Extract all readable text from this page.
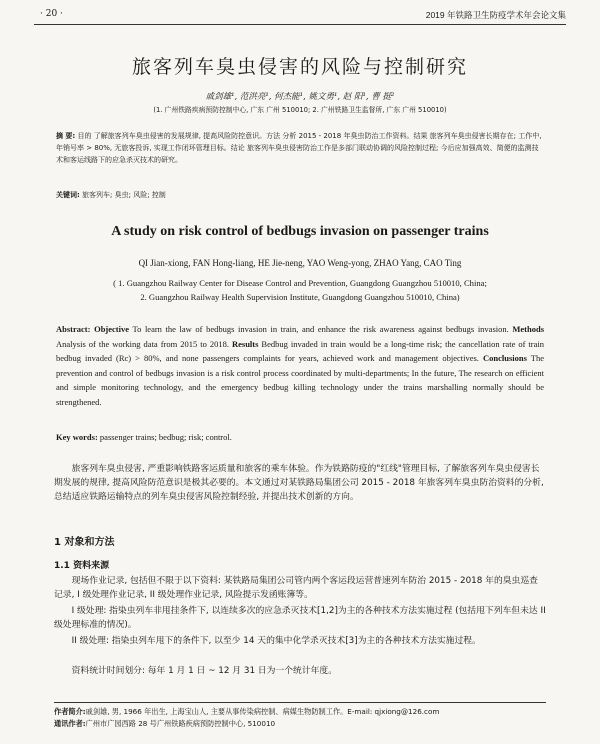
· 20 ·	2019 年铁路卫生防疫学术年会论文集
旅客列车臭虫侵害的风险与控制研究
戚剑雄¹, 范洪亮¹, 何杰能¹, 姚文勇¹, 赵 阳¹, 曹 挺²
(1. 广州铁路疾病预防控制中心, 广东 广州 510010; 2. 广州铁路卫生监督所, 广东 广州 510010)
摘 要: 目的 了解旅客列车臭虫侵害的发展规律, 提高风险防控意识。方法 分析 2015 - 2018 年臭虫防治工作资料。结果 旅客列车臭虫侵害长期存在; 工作中, 年销号率 > 80%, 无旅客投诉, 实现工作闭环管理目标。结论 旅客列车臭虫侵害防治工作是多部门联动协调的风险控制过程; 今后应加强高效、简便的监测技术和客运线路下的应急杀灭技术的研究。
关键词: 旅客列车; 臭虫; 风险; 控制
A study on risk control of bedbugs invasion on passenger trains
QI Jian-xiong, FAN Hong-liang, HE Jie-neng, YAO Weng-yong, ZHAO Yang, CAO Ting
( 1. Guangzhou Railway Center for Disease Control and Prevention, Guangdong Guangzhou 510010, China;
2. Guangzhou Railway Health Supervision Institute, Guangdong Guangzhou 510010, China)
Abstract: Objective To learn the law of bedbugs invasion in train, and enhance the risk awareness against bedbugs invasion. Methods Analysis of the working data from 2015 to 2018. Results Bedbug invaded in train would be a long-time risk; the cancellation rate of train bedbug invaded (Rc) > 80%, and none passengers complaints for years, achieved work and management objectives. Conclusions The prevention and control of bedbugs invasion is a risk control process coordinated by multi-departments; In the future, The research on efficient and simple monitoring technology, and the emergency bedbug killing technology under the trains marshalling normally should be strengthened.
Key words: passenger trains; bedbug; risk; control.
旅客列车臭虫侵害, 严重影响铁路客运质量和旅客的乘车体验。作为铁路防疫的"红线"管理目标, 了解旅客列车臭虫侵害长期发展的规律, 提高风险防范意识是极其必要的。本文通过对某铁路局集团公司 2015 - 2018 年旅客列车臭虫防治资料的分析, 总结适应铁路运输特点的列车臭虫侵害风险控制经验, 并提出技术创新的方向。
1 对象和方法
1.1 资料来源
现场作业记录, 包括但不限于以下资料: 某铁路局集团公司管内两个客运段运营普速列车防治 2015 - 2018 年的臭虫巡查记录, I 级处理作业记录, II 级处理作业记录, 风险提示发函账簿等。
I 级处理: 指染虫列车非甩挂条件下, 以连续多次的应急杀灭技术[1,2]为主的各种技术方法实施过程 (包括甩下列车但未达 II 级处理标准的情况)。
II 级处理: 指染虫列车甩下的条件下, 以至少 14 天的集中化学杀灭技术[3]为主的各种技术方法实施过程。
资料统计时间划分: 每年 1 月 1 日 ~ 12 月 31 日为一个统计年度。
作者简介:戚剑雄, 男, 1966 年出生, 上海宝山人, 主要从事传染病控制、病媒生物防制工作。E-mail: qjxiong@126.com
通讯作者:广州市广园西路 28 号广州铁路疾病预防控制中心, 510010
